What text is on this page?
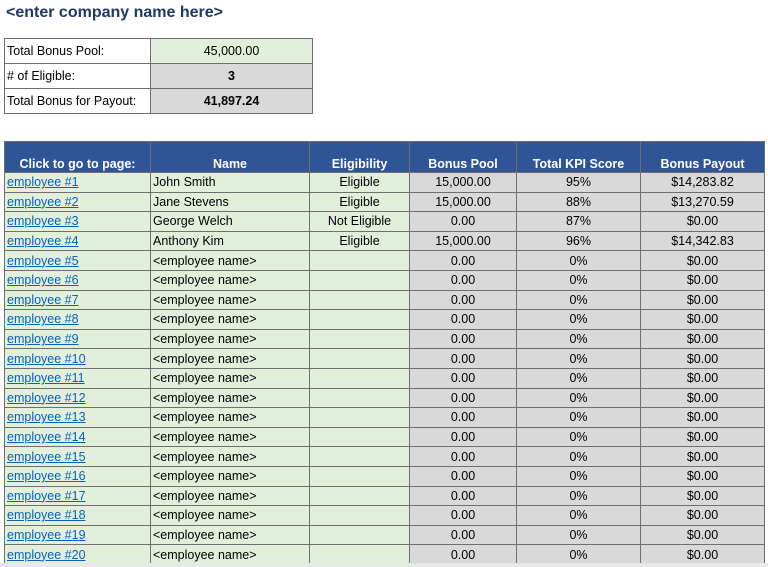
<enter company name here>
Total Bonus Pool:	45,000.00
# of Eligible:	3
Total Bonus for Payout:	41,897.24
Click to go to page:	Name	Eligibility	Bonus Pool	Total KPI Score	Bonus Payout
employee #1	John Smith	Eligible	15,000.00	95%	$14,283.82
employee #2	Jane Stevens	Eligible	15,000.00	88%	$13,270.59
employee #3	George Welch	Not Eligible	0.00	87%	$0.00
employee #4	Anthony Kim	Eligible	15,000.00	96%	$14,342.83
employee #5	<employee name>		0.00	0%	$0.00
employee #6	<employee name>		0.00	0%	$0.00
employee #7	<employee name>		0.00	0%	$0.00
employee #8	<employee name>		0.00	0%	$0.00
employee #9	<employee name>		0.00	0%	$0.00
employee #10	<employee name>		0.00	0%	$0.00
employee #11	<employee name>		0.00	0%	$0.00
employee #12	<employee name>		0.00	0%	$0.00
employee #13	<employee name>		0.00	0%	$0.00
employee #14	<employee name>		0.00	0%	$0.00
employee #15	<employee name>		0.00	0%	$0.00
employee #16	<employee name>		0.00	0%	$0.00
employee #17	<employee name>		0.00	0%	$0.00
employee #18	<employee name>		0.00	0%	$0.00
employee #19	<employee name>		0.00	0%	$0.00
employee #20	<employee name>		0.00	0%	$0.00
